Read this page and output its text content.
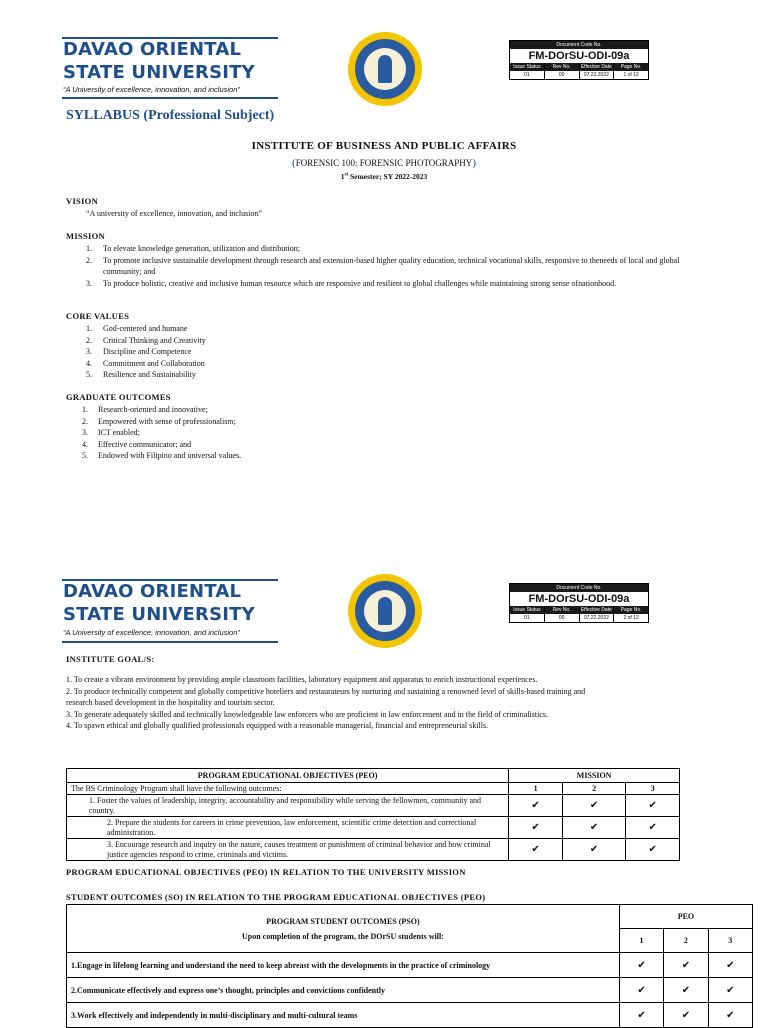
DAVAO ORIENTAL
STATE UNIVERSITY
“A University of excellence, innovation, and inclusion”
Document Code No.
FM-DOrSU-ODI-09a
Issue Status	Rev No.	Effective Date	Page No.
01	00	07.22.2022	1 of 12
SYLLABUS (Professional Subject)
INSTITUTE OF BUSINESS AND PUBLIC AFFAIRS
(FORENSIC 100: FORENSIC PHOTOGRAPHY)
1st Semester; SY 2022-2023
VISION
“A university of excellence, innovation, and inclusion”
MISSION
1. To elevate knowledge generation, utilization and distribution;
2. To promote inclusive sustainable development through research and extension-based higher quality education, technical vocational skills, responsive to theneeds of local and global community; and
3. To produce holistic, creative and inclusive human resource which are responsive and resilient to global challenges while maintaining strong sense ofnationhood.
CORE VALUES
1. God-centered and humane
2. Critical Thinking and Creativity
3. Discipline and Competence
4. Commitment and Collaboration
5. Resilience and Sustainability
GRADUATE OUTCOMES
1. Research-oriented and innovative;
2. Empowered with sense of professionalism;
3. ICT enabled;
4. Effective communicator; and
5. Endowed with Filipino and universal values.
DAVAO ORIENTAL
STATE UNIVERSITY
“A University of excellence, innovation, and inclusion”
Document Code No.
FM-DOrSU-ODI-09a
Issue Status	Rev No.	Effective Date	Page No.
01	00	07.22.2022	2 of 12
INSTITUTE GOAL/S:
1. To create a vibrant environment by providing ample classroom facilities, laboratory equipment and apparatus to enrich instructional experiences.
2. To produce technically competent and globally competitive hoteliers and restaurateurs by nurturing and sustaining a renowned level of skills-based training and
research based development in the hospitality and tourism sector.
3. To generate adequately skilled and technically knowledgeable law enforcers who are proficient in law enforcement and in the field of criminalistics.
4. To spawn ethical and globally qualified professionals equipped with a reasonable managerial, financial and entrepreneurial skills.
PROGRAM EDUCATIONAL OBJECTIVES (PEO)	MISSION		
The BS Criminology Program shall have the following outcomes:	1	2	3
1. Foster the values of leadership, integrity, accountability and responsibility while serving the fellowmen, community and country.	✔	✔	✔
2. Prepare the students for careers in crime prevention, law enforcement, scientific crime detection and correctional administration.	✔	✔	✔
3. Encourage research and inquiry on the nature, causes treatment or punishment of criminal behavior and how criminal justice agencies respond to crime, criminals and victims.	✔	✔	✔
PROGRAM EDUCATIONAL OBJECTIVES (PEO) IN RELATION TO THE UNIVERSITY MISSION
STUDENT OUTCOMES (SO) IN RELATION TO THE PROGRAM EDUCATIONAL OBJECTIVES (PEO)
PROGRAM STUDENT OUTCOMES (PSO)
Upon completion of the program, the DOrSU students will:	PEO		
	1	2	3
1.Engage in lifelong learning and understand the need to keep abreast with the developments in the practice of criminology	✔	✔	✔
2.Communicate effectively and express one’s thought, principles and convictions confidently	✔	✔	✔
3.Work effectively and independently in multi-disciplinary and multi-cultural teams	✔	✔	✔
